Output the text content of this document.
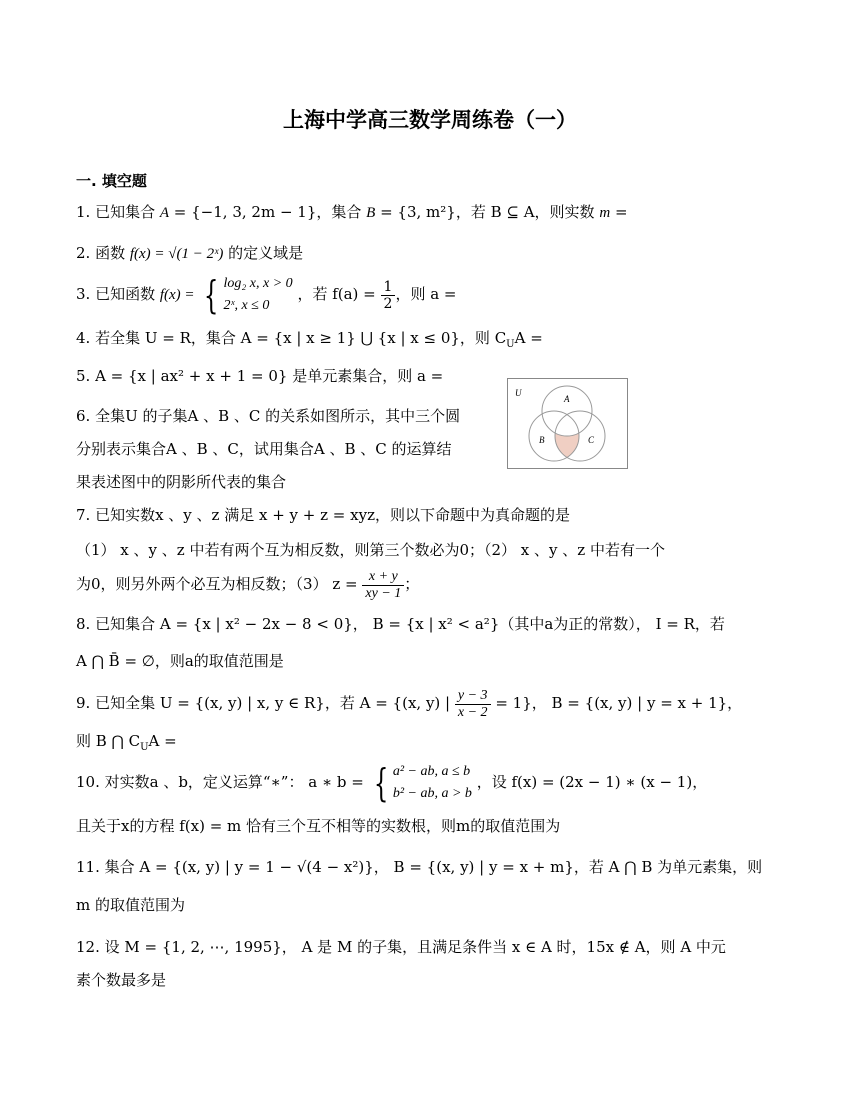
上海中学高三数学周练卷（一）
一. 填空题
1. 已知集合 A = {−1, 3, 2m − 1}，集合 B = {3, m²}，若 B ⊆ A，则实数 m =
2. 函数 f(x) = √(1 − 2ˣ) 的定义域是
3. 已知函数 f(x) = { log₂ x, x > 0
2ˣ, x ≤ 0
，若 $f(a) = \frac{1}{2}$ ，则 a =
4. 若全集 U = R，集合 A = {x | x ≥ 1} ⋃ {x | x ≤ 0}，则 $C_UA$ =
5. A = {x | ax² + x + 1 = 0} 是单元素集合，则 a =
6. 全集U 的子集A 、B 、C 的关系如图所示，其中三个圆
分别表示集合A 、B 、C，试用集合A 、B 、C 的运算结
果表述图中的阴影所代表的集合
U
A
B	C
7. 已知实数x 、y 、z 满足 x + y + z = xyz，则以下命题中为真命题的是
（1） x 、y 、z 中若有两个互为相反数，则第三个数必为0；（2） x 、y 、z 中若有一个
为0，则另外两个必互为相反数；（3） $z = \frac{x + y}{xy - 1}$ ；
8. 已知集合 A = {x | x² − 2x − 8 < 0}， B = {x | x² < a²}（其中a为正的常数）， I = R，若
A ⋂ B̄ = ∅，则a的取值范围是
9. 已知全集 U = {(x, y) | x, y ∈ R}，若 A = {(x, y) | $\frac{y - 3}{x - 2} = 1$}， B = {(x, y) | y = x + 1}，
则 B ⋂ $C_UA$ =
10. 对实数a 、b，定义运算“∗”： a ∗ b = { a² − ab, a ≤ b
b² − ab, a > b
，设 f(x) = (2x − 1) ∗ (x − 1)，
且关于x的方程 f(x) = m 恰有三个互不相等的实数根，则m的取值范围为
11. 集合 A = {(x, y) | y = 1 − √(4 − x²)}， B = {(x, y) | y = x + m}，若 A ⋂ B 为单元素集，则
m 的取值范围为
12. 设 M = {1, 2, ⋯, 1995}， A 是 M 的子集，且满足条件当 x ∈ A 时，15x ∉ A，则 A 中元
素个数最多是
